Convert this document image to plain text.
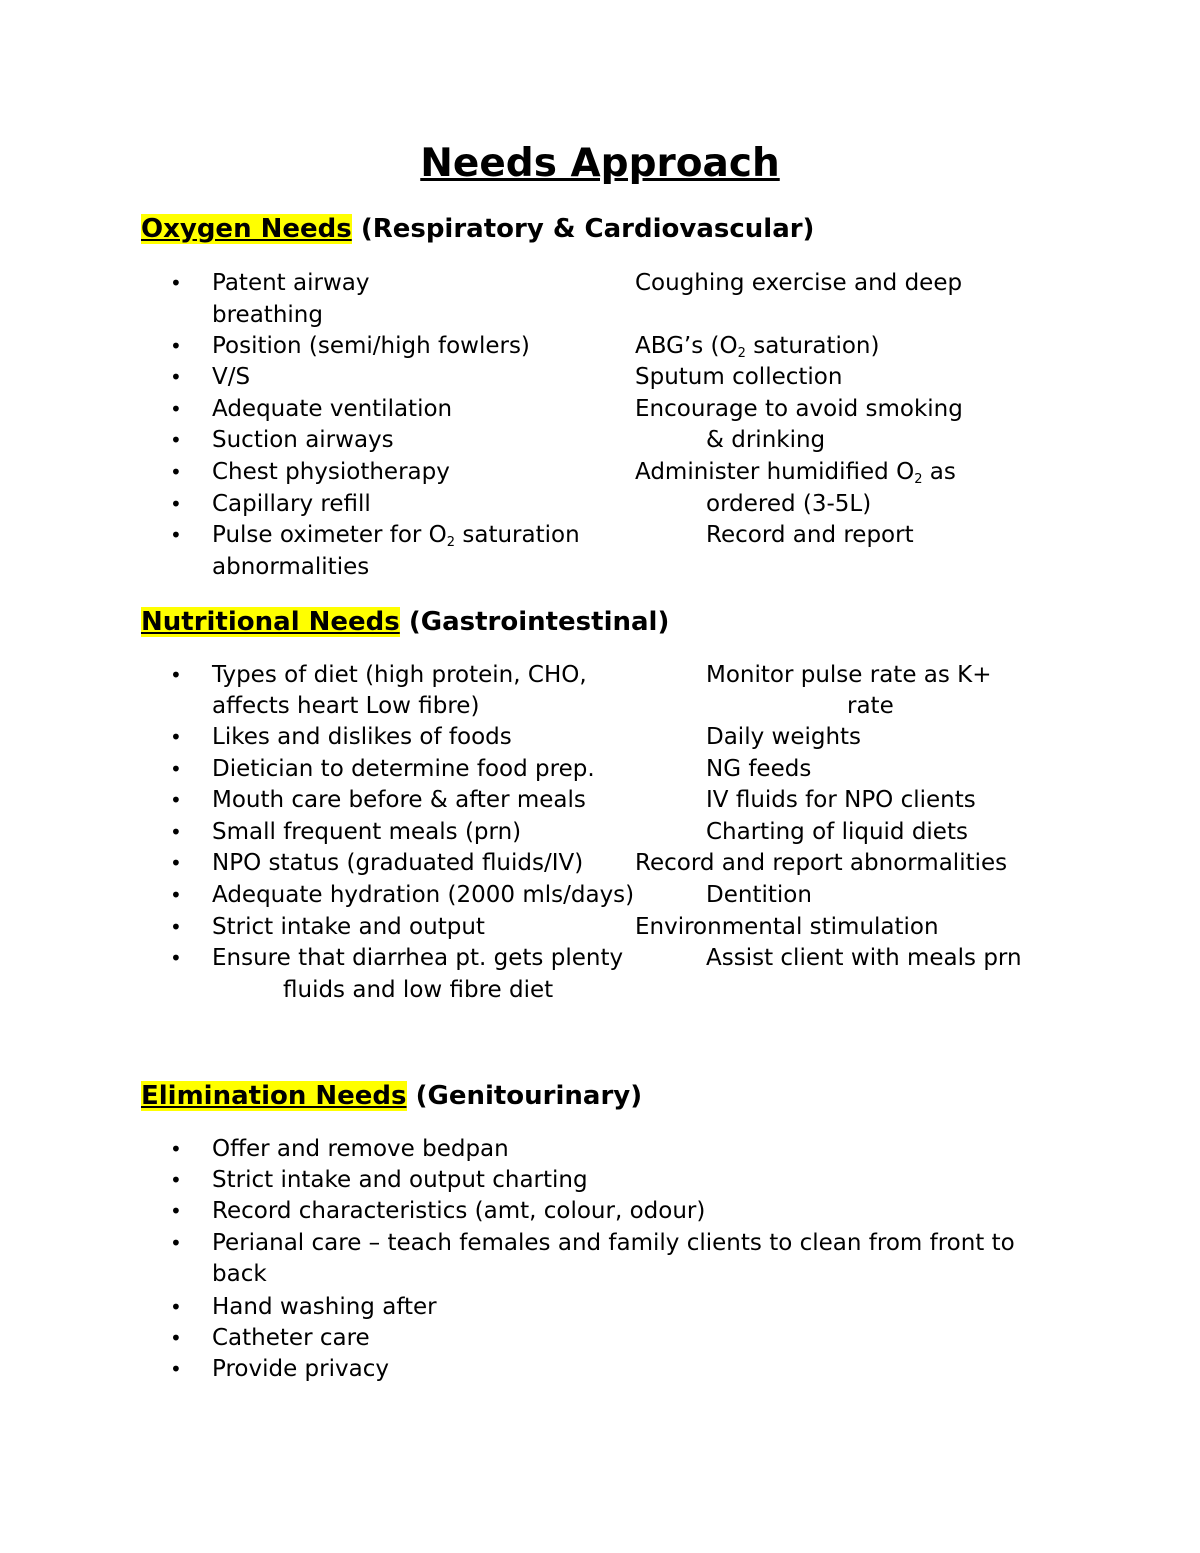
Needs Approach
Oxygen Needs (Respiratory & Cardiovascular)
•
•
•
•
•
•
•
•
Patent airway	Coughing exercise and deep
breathing
Position (semi/high fowlers)	ABG’s ($O_2$ saturation)
V/S	Sputum collection
Adequate ventilation	Encourage to avoid smoking
Suction airways	& drinking
Chest physiotherapy	Administer humidified $O_2$ as
Capillary refill	ordered (3-5L)
Pulse oximeter for $O_2$ saturation	Record and report
abnormalities
Nutritional Needs (Gastrointestinal)
•
•
•
•
•
•
•
•
•
Types of diet (high protein, CHO,	Monitor pulse rate as K+
affects heart Low fibre)	rate
Likes and dislikes of foods	Daily weights
Dietician to determine food prep.	NG feeds
Mouth care before & after meals	IV fluids for NPO clients
Small frequent meals (prn)	Charting of liquid diets
NPO status (graduated fluids/IV) Record and report abnormalities
Adequate hydration (2000 mls/days)	Dentition
Strict intake and output	Environmental stimulation
Ensure that diarrhea pt. gets plenty	Assist client with meals prn
fluids and low fibre diet
Elimination Needs (Genitourinary)
•
•
•
•
•
•
•
Offer and remove bedpan
Strict intake and output charting
Record characteristics (amt, colour, odour)
Perianal care – teach females and family clients to clean from front to
back
Hand washing after
Catheter care
Provide privacy
